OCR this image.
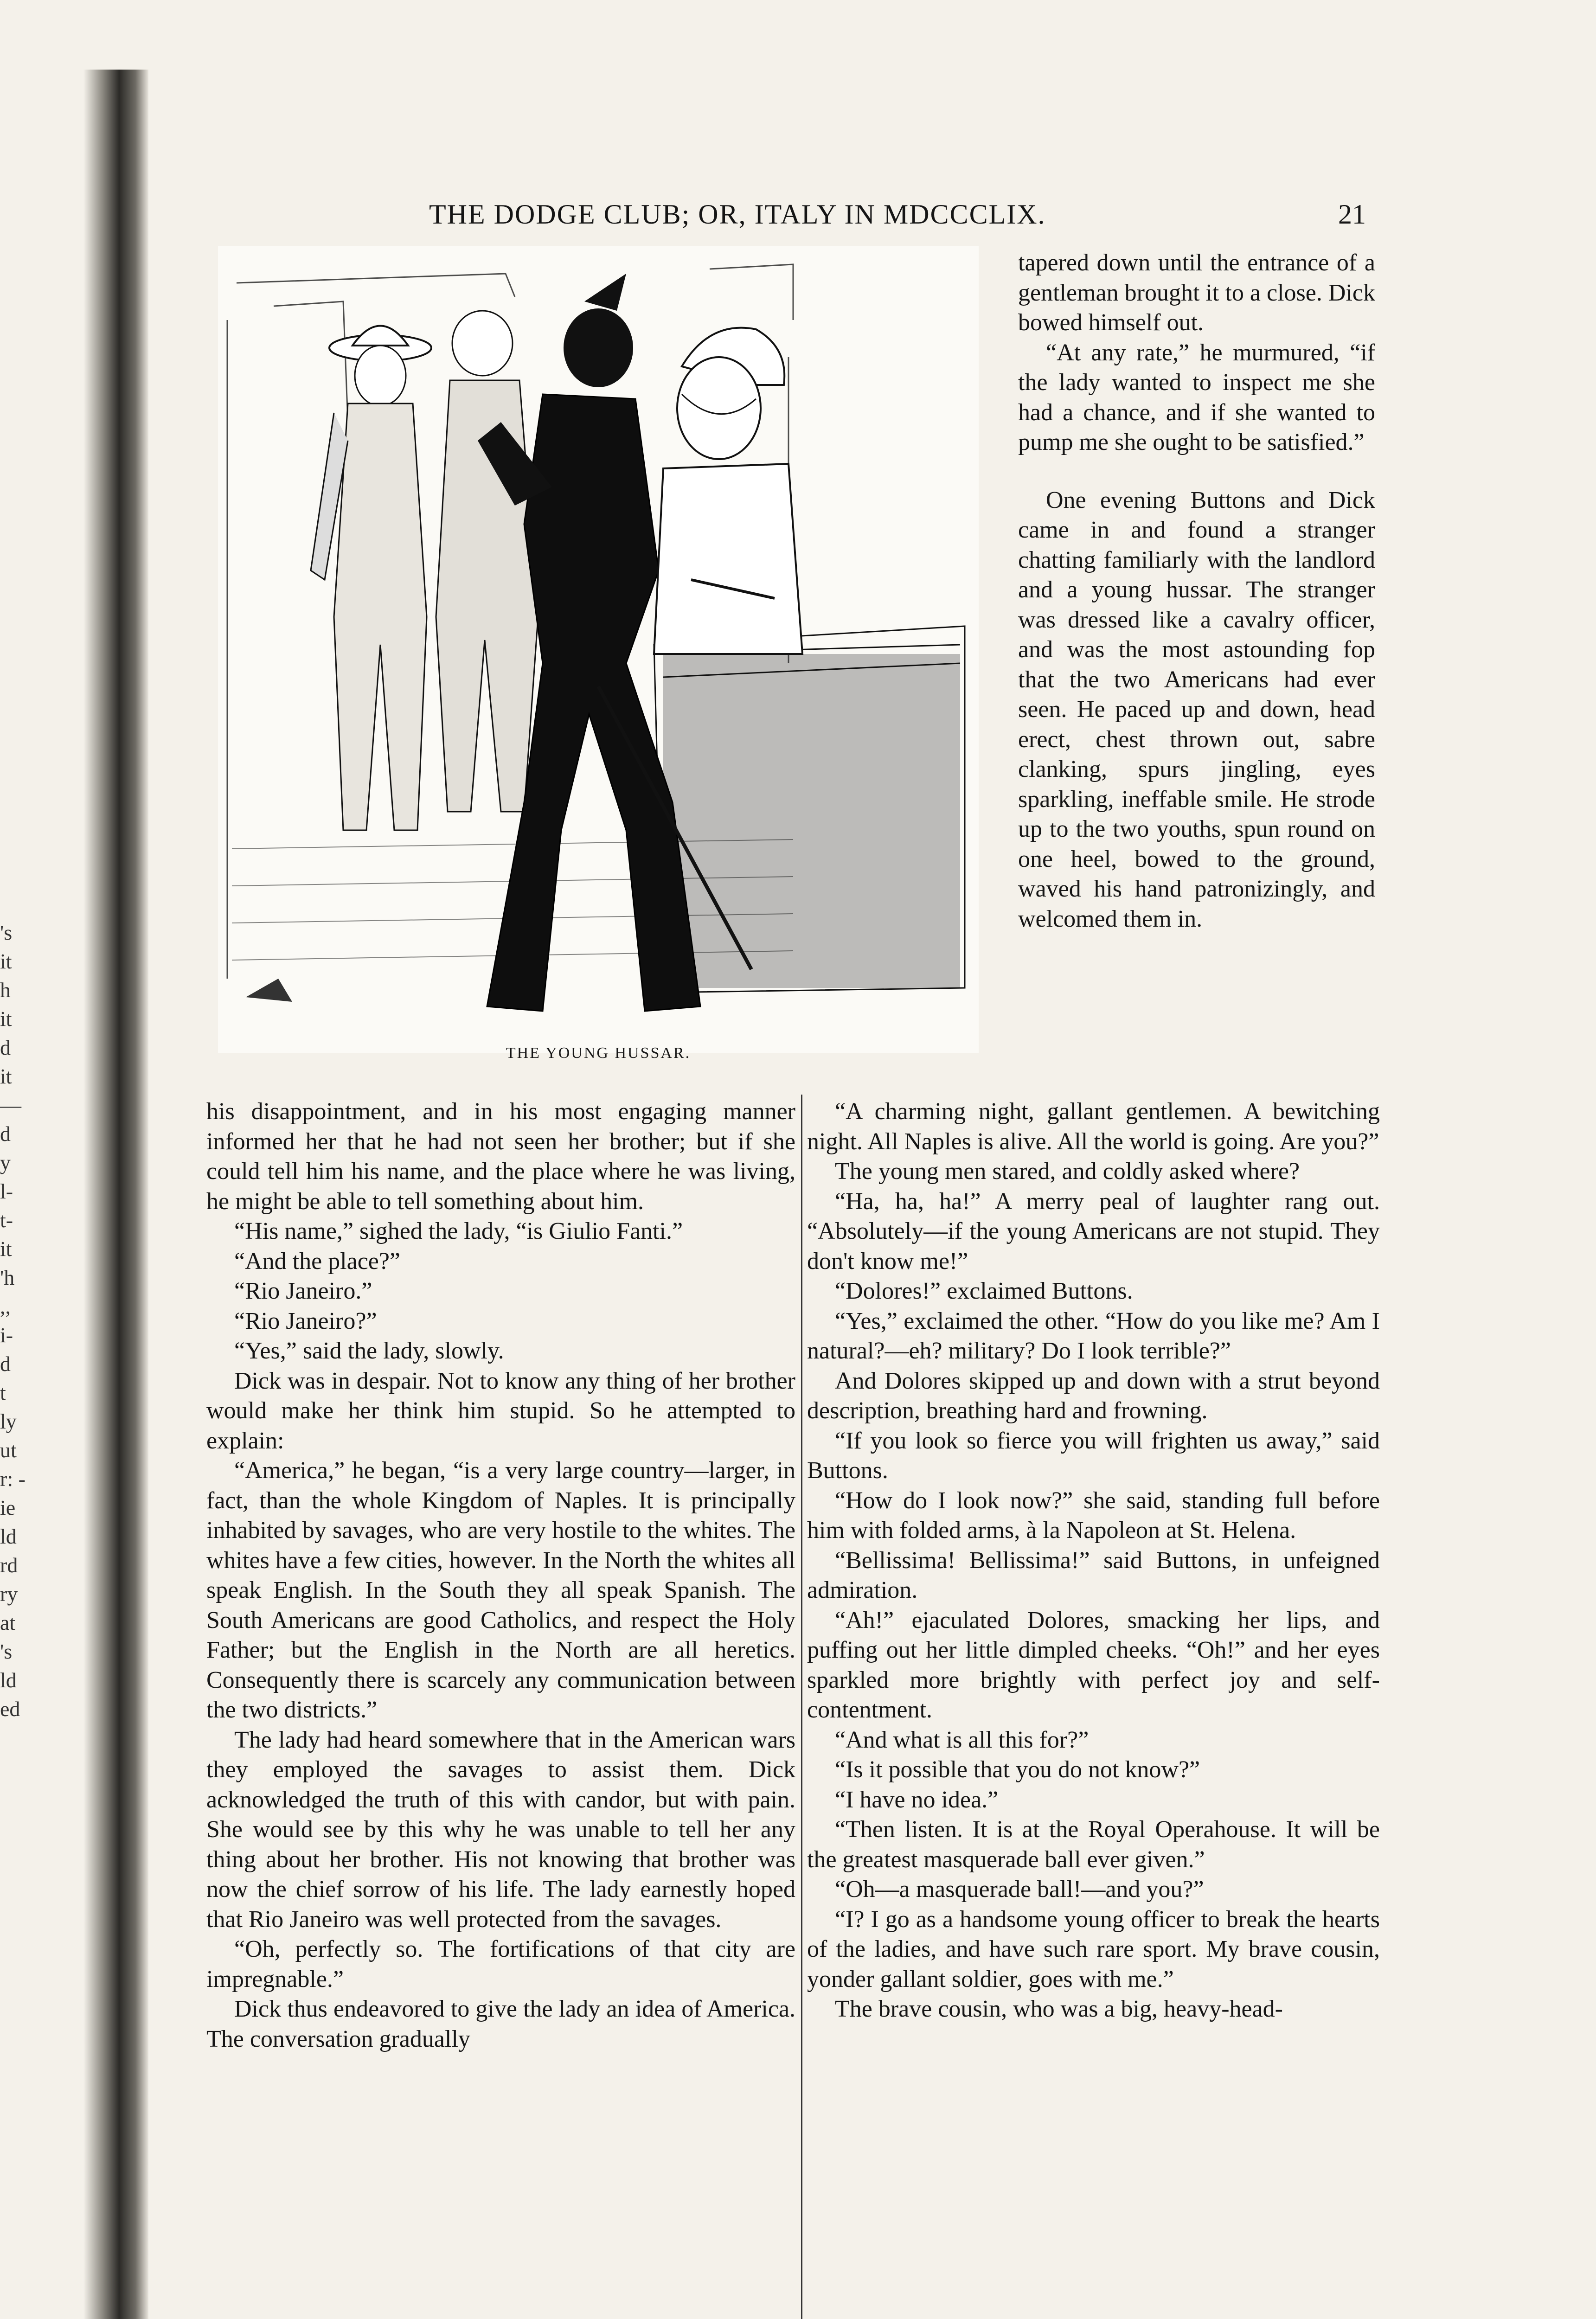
's
it
h
it
d
it
—
d
y
l-
t-
it
'h
,,
i-
d
t
ly
ut
r: -
ie
ld
rd
ry
at
's
ld
ed
THE DODGE CLUB; OR, ITALY IN MDCCCLIX.	21
THE YOUNG HUSSAR.

tapered down until the entrance of a gentleman brought it to a close. Dick bowed himself out.

“At any rate,” he murmured, “if the lady wanted to inspect me she had a chance, and if she wanted to pump me she ought to be satisfied.”

One evening Buttons and Dick came in and found a stranger chatting familiarly with the landlord and a young hussar. The stranger was dressed like a cavalry officer, and was the most astounding fop that the two Americans had ever seen. He paced up and down, head erect, chest thrown out, sabre clanking, spurs jingling, eyes sparkling, ineffable smile. He strode up to the two youths, spun round on one heel, bowed to the ground, waved his hand patronizingly, and welcomed them in.

his disappointment, and in his most engaging manner informed her that he had not seen her brother; but if she could tell him his name, and the place where he was living, he might be able to tell something about him.

“His name,” sighed the lady, “is Giulio Fanti.”

“And the place?”

“Rio Janeiro.”

“Rio Janeiro?”

“Yes,” said the lady, slowly.

Dick was in despair. Not to know any thing of her brother would make her think him stupid. So he attempted to explain:

“America,” he began, “is a very large country—larger, in fact, than the whole Kingdom of Naples. It is principally inhabited by savages, who are very hostile to the whites. The whites have a few cities, however. In the North the whites all speak English. In the South they all speak Spanish. The South Americans are good Catholics, and respect the Holy Father; but the English in the North are all heretics. Consequently there is scarcely any communication between the two districts.”

The lady had heard somewhere that in the American wars they employed the savages to assist them. Dick acknowledged the truth of this with candor, but with pain. She would see by this why he was unable to tell her any thing about her brother. His not knowing that brother was now the chief sorrow of his life. The lady earnestly hoped that Rio Janeiro was well protected from the savages.

“Oh, perfectly so. The fortifications of that city are impregnable.”

Dick thus endeavored to give the lady an idea of America. The conversation gradually

“A charming night, gallant gentlemen. A bewitching night. All Naples is alive. All the world is going. Are you?”

The young men stared, and coldly asked where?

“Ha, ha, ha!” A merry peal of laughter rang out. “Absolutely—if the young Americans are not stupid. They don't know me!”

“Dolores!” exclaimed Buttons.

“Yes,” exclaimed the other. “How do you like me? Am I natural?—eh? military? Do I look terrible?”

And Dolores skipped up and down with a strut beyond description, breathing hard and frowning.

“If you look so fierce you will frighten us away,” said Buttons.

“How do I look now?” she said, standing full before him with folded arms, à la Napoleon at St. Helena.

“Bellissima! Bellissima!” said Buttons, in unfeigned admiration.

“Ah!” ejaculated Dolores, smacking her lips, and puffing out her little dimpled cheeks. “Oh!” and her eyes sparkled more brightly with perfect joy and self-contentment.

“And what is all this for?”

“Is it possible that you do not know?”

“I have no idea.”

“Then listen. It is at the Royal Operahouse. It will be the greatest masquerade ball ever given.”

“Oh—a masquerade ball!—and you?”

“I? I go as a handsome young officer to break the hearts of the ladies, and have such rare sport. My brave cousin, yonder gallant soldier, goes with me.”

The brave cousin, who was a big, heavy-head-
